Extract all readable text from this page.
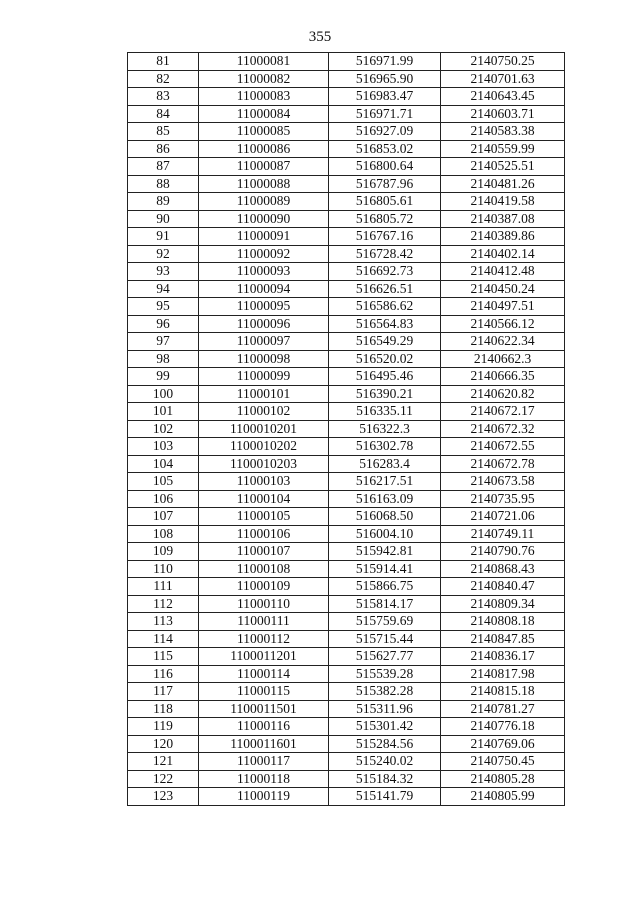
355
81	11000081	516971.99	2140750.25
82	11000082	516965.90	2140701.63
83	11000083	516983.47	2140643.45
84	11000084	516971.71	2140603.71
85	11000085	516927.09	2140583.38
86	11000086	516853.02	2140559.99
87	11000087	516800.64	2140525.51
88	11000088	516787.96	2140481.26
89	11000089	516805.61	2140419.58
90	11000090	516805.72	2140387.08
91	11000091	516767.16	2140389.86
92	11000092	516728.42	2140402.14
93	11000093	516692.73	2140412.48
94	11000094	516626.51	2140450.24
95	11000095	516586.62	2140497.51
96	11000096	516564.83	2140566.12
97	11000097	516549.29	2140622.34
98	11000098	516520.02	2140662.3
99	11000099	516495.46	2140666.35
100	11000101	516390.21	2140620.82
101	11000102	516335.11	2140672.17
102	1100010201	516322.3	2140672.32
103	1100010202	516302.78	2140672.55
104	1100010203	516283.4	2140672.78
105	11000103	516217.51	2140673.58
106	11000104	516163.09	2140735.95
107	11000105	516068.50	2140721.06
108	11000106	516004.10	2140749.11
109	11000107	515942.81	2140790.76
110	11000108	515914.41	2140868.43
111	11000109	515866.75	2140840.47
112	11000110	515814.17	2140809.34
113	11000111	515759.69	2140808.18
114	11000112	515715.44	2140847.85
115	1100011201	515627.77	2140836.17
116	11000114	515539.28	2140817.98
117	11000115	515382.28	2140815.18
118	1100011501	515311.96	2140781.27
119	11000116	515301.42	2140776.18
120	1100011601	515284.56	2140769.06
121	11000117	515240.02	2140750.45
122	11000118	515184.32	2140805.28
123	11000119	515141.79	2140805.99
